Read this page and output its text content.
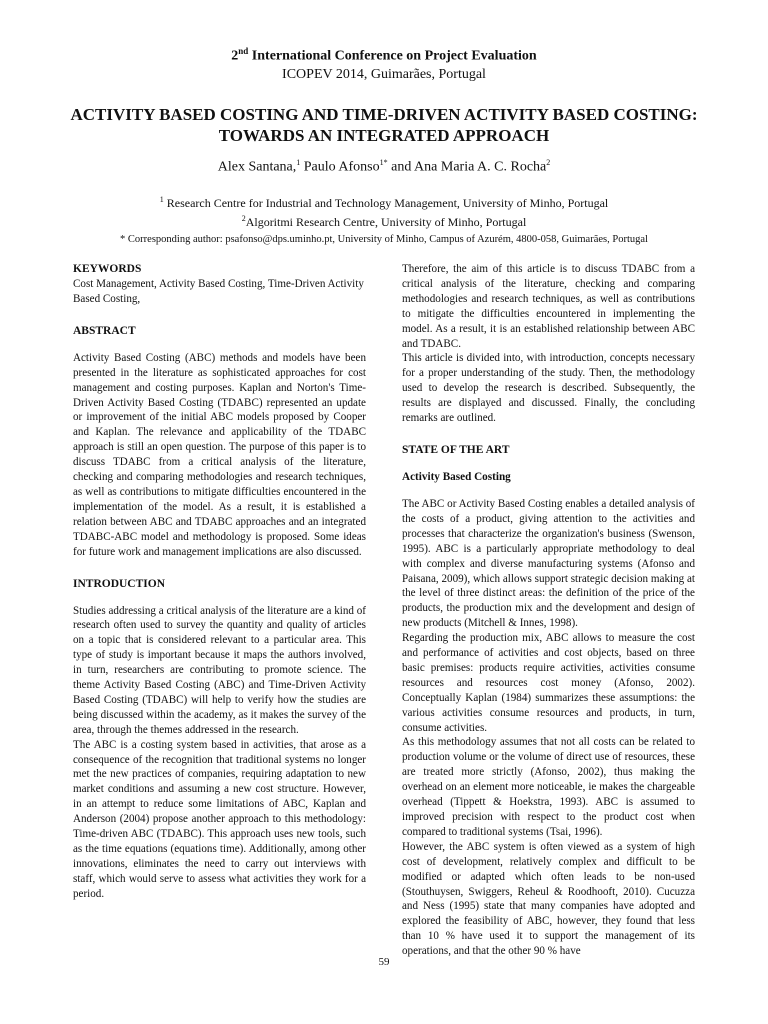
2nd International Conference on Project Evaluation
ICOPEV 2014, Guimarães, Portugal
ACTIVITY BASED COSTING AND TIME-DRIVEN ACTIVITY BASED COSTING: TOWARDS AN INTEGRATED APPROACH
Alex Santana,$^1$ Paulo Afonso$^{1*}$ and Ana Maria A. C. Rocha$^2$
$^1$ Research Centre for Industrial and Technology Management, University of Minho, Portugal
$^2$Algoritmi Research Centre, University of Minho, Portugal
* Corresponding author: psafonso@dps.uminho.pt, University of Minho, Campus of Azurém, 4800-058, Guimarães, Portugal
KEYWORDS

Cost Management, Activity Based Costing, Time-Driven Activity Based Costing,

ABSTRACT

Activity Based Costing (ABC) methods and models have been presented in the literature as sophisticated approaches for cost management and costing purposes. Kaplan and Norton's Time-Driven Activity Based Costing (TDABC) represented an update or improvement of the initial ABC models proposed by Cooper and Kaplan. The relevance and applicability of the TDABC approach is still an open question. The purpose of this paper is to discuss TDABC from a critical analysis of the literature, checking and comparing methodologies and research techniques, as well as contributions to mitigate difficulties encountered in the implementation of the model. As a result, it is established a relation between ABC and TDABC approaches and an integrated TDABC-ABC model and methodology is proposed. Some ideas for future work and management implications are also discussed.

INTRODUCTION

Studies addressing a critical analysis of the literature are a kind of research often used to survey the quantity and quality of articles on a topic that is considered relevant to a particular area. This type of study is important because it maps the authors involved, in turn, researchers are contributing to promote science. The theme Activity Based Costing (ABC) and Time-Driven Activity Based Costing (TDABC) will help to verify how the studies are being discussed within the academy, as it makes the survey of the area, through the themes addressed in the research.

The ABC is a costing system based in activities, that arose as a consequence of the recognition that traditional systems no longer met the new practices of companies, requiring adaptation to new market conditions and assuming a new cost structure. However, in an attempt to reduce some limitations of ABC, Kaplan and Anderson (2004) propose another approach to this methodology: Time-driven ABC (TDABC). This approach uses new tools, such as the time equations (equations time). Additionally, among other innovations, eliminates the need to carry out interviews with staff, which would serve to assess what activities they work for a period.

Therefore, the aim of this article is to discuss TDABC from a critical analysis of the literature, checking and comparing methodologies and research techniques, as well as contributions to mitigate the difficulties encountered in implementing the model. As a result, it is an established relationship between ABC and TDABC.

This article is divided into, with introduction, concepts necessary for a proper understanding of the study. Then, the methodology used to develop the research is described. Subsequently, the results are displayed and discussed. Finally, the concluding remarks are outlined.

STATE OF THE ART
Activity Based Costing

The ABC or Activity Based Costing enables a detailed analysis of the costs of a product, giving attention to the activities and processes that characterize the organization's business (Swenson, 1995). ABC is a particularly appropriate methodology to deal with complex and diverse manufacturing systems (Afonso and Paisana, 2009), which allows support strategic decision making at the level of three distinct areas: the definition of the price of the products, the production mix and the development and design of new products (Mitchell & Innes, 1998).

Regarding the production mix, ABC allows to measure the cost and performance of activities and cost objects, based on three basic premises: products require activities, activities consume resources and resources cost money (Afonso, 2002). Conceptually Kaplan (1984) summarizes these assumptions: the various activities consume resources and products, in turn, consume activities.

As this methodology assumes that not all costs can be related to production volume or the volume of direct use of resources, these are treated more strictly (Afonso, 2002), thus making the overhead on an element more noticeable, ie makes the chargeable overhead (Tippett & Hoekstra, 1993). ABC is assumed to improved precision with respect to the product cost when compared to traditional systems (Tsai, 1996).

However, the ABC system is often viewed as a system of high cost of development, relatively complex and difficult to be modified or adapted which often leads to be non-used (Stouthuysen, Swiggers, Reheul & Roodhooft, 2010). Cucuzza and Ness (1995) state that many companies have adopted and explored the feasibility of ABC, however, they found that less than 10 % have used it to support the management of its operations, and that the other 90 % have

59
